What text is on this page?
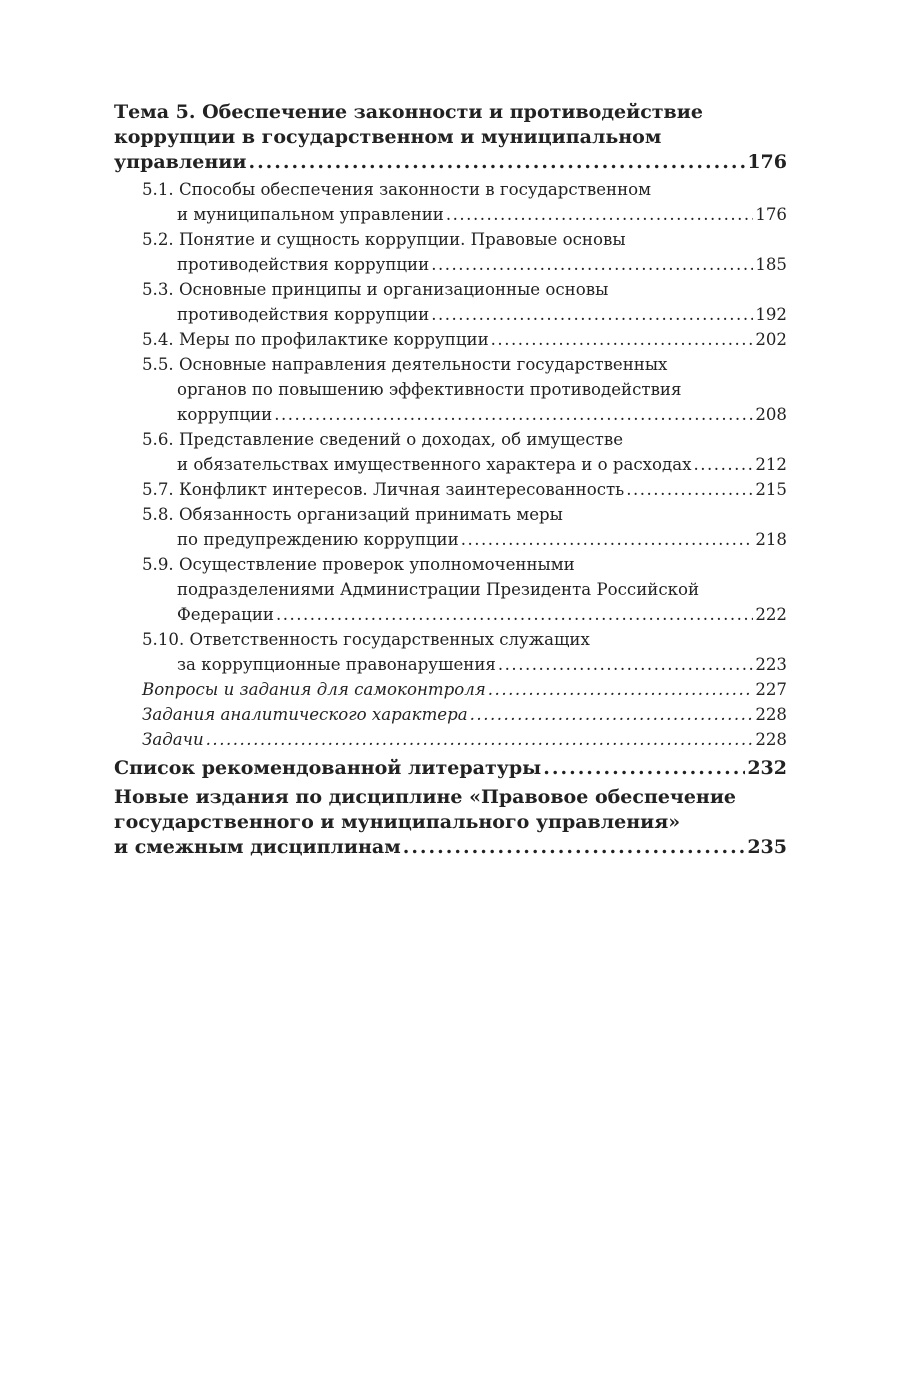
Тема 5. Обеспечение законности и противодействие
коррупции в государственном и муниципальном
управлении .....	176
5.1. Способы обеспечения законности в государственном
и муниципальном управлении .....	176
5.2. Понятие и сущность коррупции. Правовые основы
противодействия коррупции .....	185
5.3. Основные принципы и организационные основы
противодействия коррупции .....	192
5.4. Меры по профилактике коррупции .....	202
5.5. Основные направления деятельности государственных
органов по повышению эффективности противодействия
коррупции .....	208
5.6. Представление сведений о доходах, об имуществе
и обязательствах имущественного характера и о расходах .....	212
5.7. Конфликт интересов. Личная заинтересованность .....	215
5.8. Обязанность организаций принимать меры
по предупреждению коррупции .....	218
5.9. Осуществление проверок уполномоченными
подразделениями Администрации Президента Российской
Федерации .....	222
5.10. Ответственность государственных служащих
за коррупционные правонарушения .....	223
Вопросы и задания для самоконтроля .....	227
Задания аналитического характера .....	228
Задачи .....	228
Список рекомендованной литературы .....	232
Новые издания по дисциплине «Правовое обеспечение
государственного и муниципального управления»
и смежным дисциплинам .....	235
